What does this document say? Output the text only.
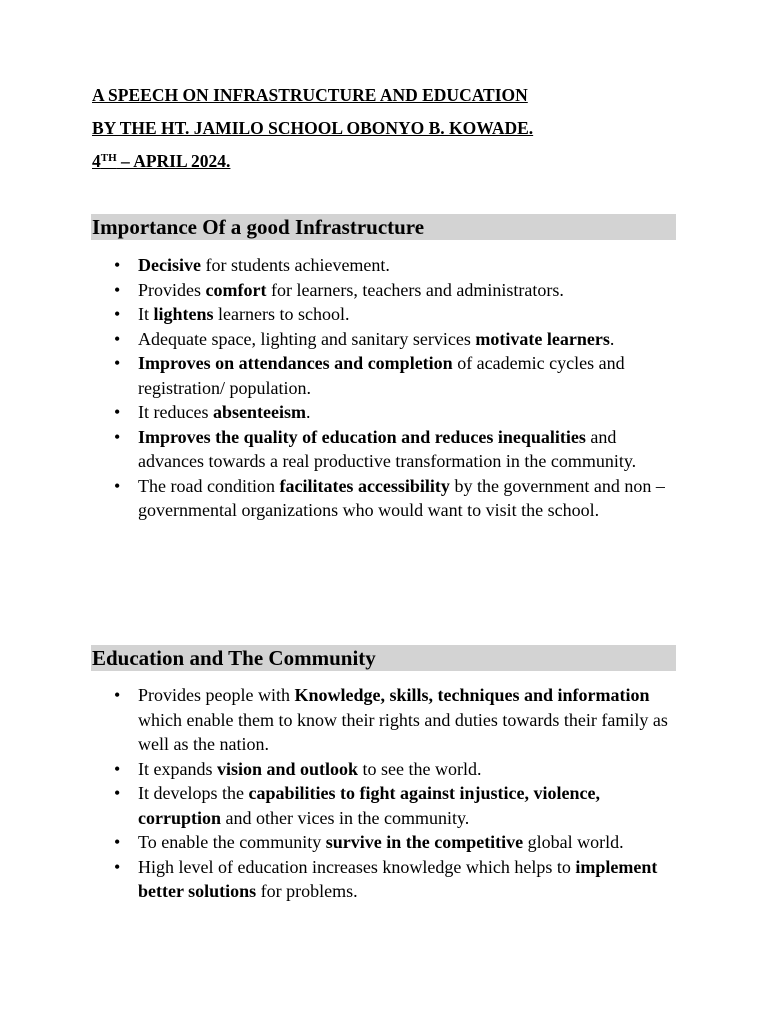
A SPEECH ON INFRASTRUCTURE AND EDUCATION
BY THE HT. JAMILO SCHOOL OBONYO B. KOWADE.
4TH – APRIL 2024.
Importance Of a good Infrastructure
• Decisive for students achievement.
• Provides comfort for learners, teachers and administrators.
• It lightens learners to school.
• Adequate space, lighting and sanitary services motivate learners.
• Improves on attendances and completion of academic cycles and registration/ population.
• It reduces absenteeism.
• Improves the quality of education and reduces inequalities and advances towards a real productive transformation in the community.
• The road condition facilitates accessibility by the government and non – governmental organizations who would want to visit the school.
Education and The Community
• Provides people with Knowledge, skills, techniques and information which enable them to know their rights and duties towards their family as well as the nation.
• It expands vision and outlook to see the world.
• It develops the capabilities to fight against injustice, violence, corruption and other vices in the community.
• To enable the community survive in the competitive global world.
• High level of education increases knowledge which helps to implement better solutions for problems.
